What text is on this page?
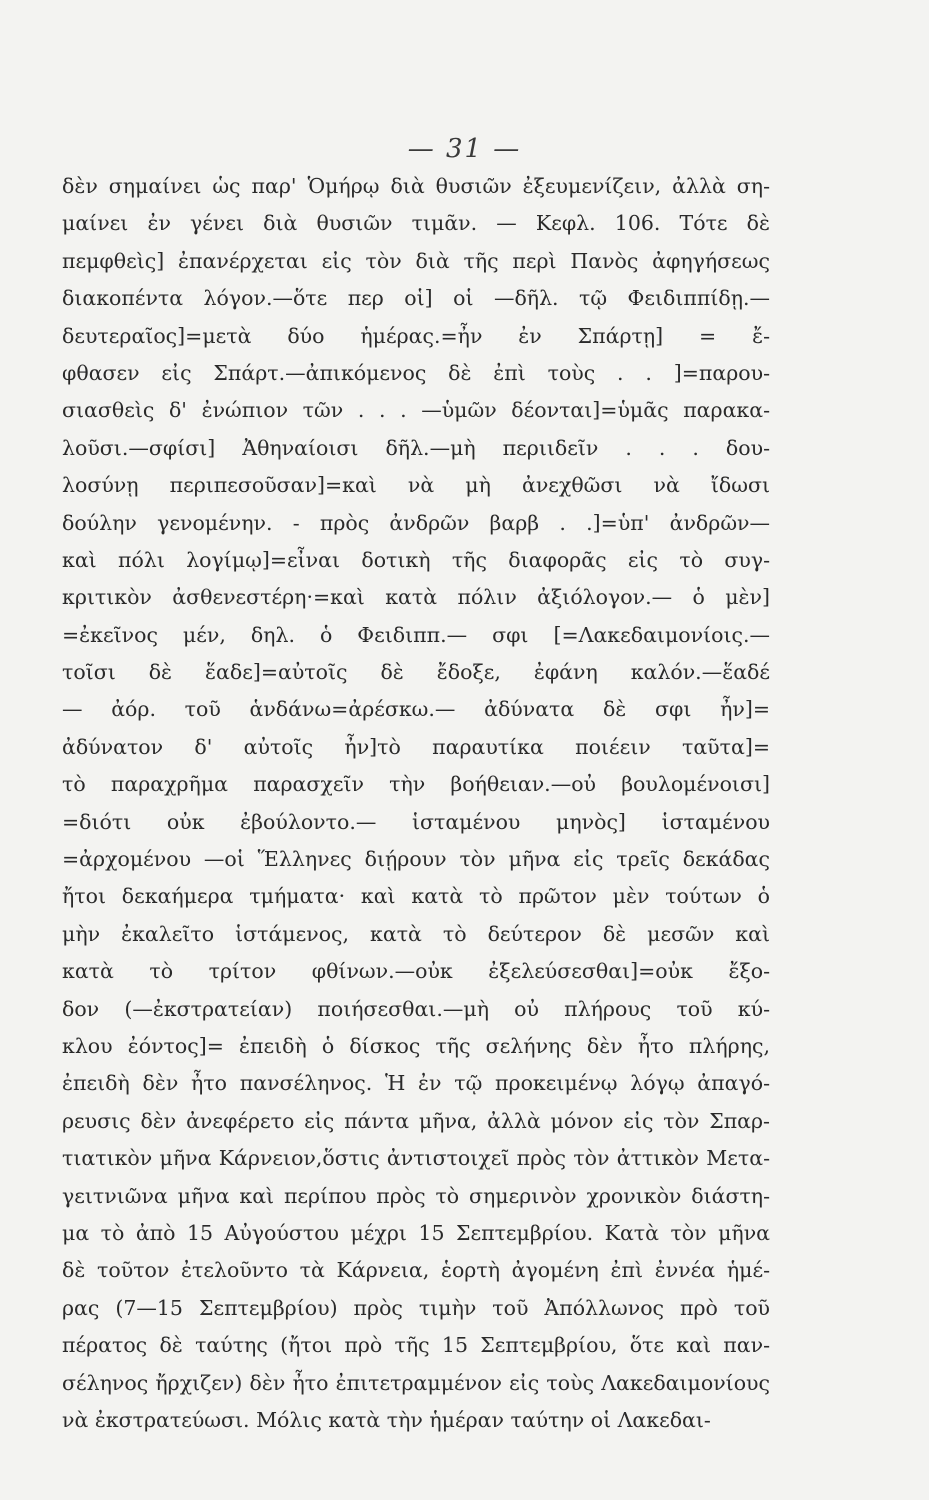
— 31 —
δὲν σημαίνει ὡς παρ' Ὁμήρῳ διὰ θυσιῶν ἐξευμενίζειν, ἀλλὰ ση-
μαίνει ἐν γένει διὰ θυσιῶν τιμᾶν. — Κεφλ. 106. Τότε δὲ
πεμφθεὶς] ἐπανέρχεται εἰς τὸν διὰ τῆς περὶ Πανὸς ἀφηγήσεως
διακοπέντα λόγον.—ὅτε περ οἱ] οἱ —δῆλ. τῷ Φειδιππίδῃ.—
δευτεραῖος]=μετὰ δύο ἡμέρας.=ἦν ἐν Σπάρτῃ] = ἔ-
φθασεν εἰς Σπάρτ.—ἀπικόμενος δὲ ἐπὶ τοὺς . . ]=παρου-
σιασθεὶς δ' ἐνώπιον τῶν . . . —ὑμῶν δέονται]=ὑμᾶς παρακα-
λοῦσι.—σφίσι] Ἀθηναίοισι δῆλ.—μὴ περιιδεῖν . . . δου-
λοσύνῃ περιπεσοῦσαν]=καὶ νὰ μὴ ἀνεχθῶσι νὰ ἴδωσι
δούλην γενομένην. - πρὸς ἀνδρῶν βαρβ . .]=ὑπ' ἀνδρῶν—
καὶ πόλι λογίμῳ]=εἶναι δοτικὴ τῆς διαφορᾶς εἰς τὸ συγ-
κριτικὸν ἀσθενεστέρη·=καὶ κατὰ πόλιν ἀξιόλογον.— ὁ μὲν]
=ἐκεῖνος μέν, δηλ. ὁ Φειδιππ.— σφι [=Λακεδαιμονίοις.—
τοῖσι δὲ ἕαδε]=αὐτοῖς δὲ ἔδοξε, ἐφάνη καλόν.—ἕαδέ
— ἀόρ. τοῦ ἁνδάνω=ἀρέσκω.— ἀδύνατα δὲ σφι ἦν]=
ἀδύνατον δ' αὐτοῖς ἦν]τὸ παραυτίκα ποιέειν ταῦτα]=
τὸ παραχρῆμα παρασχεῖν τὴν βοήθειαν.—οὐ βουλομένοισι]
=διότι οὐκ ἐβούλοντο.— ἱσταμένου μηνὸς] ἱσταμένου
=ἀρχομένου —οἱ Ἕλληνες διῄρουν τὸν μῆνα εἰς τρεῖς δεκάδας
ἤτοι δεκαήμερα τμήματα· καὶ κατὰ τὸ πρῶτον μὲν τούτων ὁ
μὴν ἐκαλεῖτο ἱστάμενος, κατὰ τὸ δεύτερον δὲ μεσῶν καὶ
κατὰ τὸ τρίτον φθίνων.—οὐκ ἐξελεύσεσθαι]=οὐκ ἔξο-
δον (—ἐκστρατείαν) ποιήσεσθαι.—μὴ οὐ πλήρους τοῦ κύ-
κλου ἐόντος]= ἐπειδὴ ὁ δίσκος τῆς σελήνης δὲν ἦτο πλήρης,
ἐπειδὴ δὲν ἦτο πανσέληνος. Ἡ ἐν τῷ προκειμένῳ λόγῳ ἀπαγό-
ρευσις δὲν ἀνεφέρετο εἰς πάντα μῆνα, ἀλλὰ μόνον εἰς τὸν Σπαρ-
τιατικὸν μῆνα Κάρνειον,ὅστις ἀντιστοιχεῖ πρὸς τὸν ἀττικὸν Μετα-
γειτνιῶνα μῆνα καὶ περίπου πρὸς τὸ σημερινὸν χρονικὸν διάστη-
μα τὸ ἀπὸ 15 Αὐγούστου μέχρι 15 Σεπτεμβρίου. Κατὰ τὸν μῆνα
δὲ τοῦτον ἐτελοῦντο τὰ Κάρνεια, ἑορτὴ ἀγομένη ἐπὶ ἐννέα ἡμέ-
ρας (7—15 Σεπτεμβρίου) πρὸς τιμὴν τοῦ Ἀπόλλωνος πρὸ τοῦ
πέρατος δὲ ταύτης (ἤτοι πρὸ τῆς 15 Σεπτεμβρίου, ὅτε καὶ παν-
σέληνος ἤρχιζεν) δὲν ἦτο ἐπιτετραμμένον εἰς τοὺς Λακεδαιμονίους
νὰ ἐκστρατεύωσι. Μόλις κατὰ τὴν ἡμέραν ταύτην οἱ Λακεδαι-
